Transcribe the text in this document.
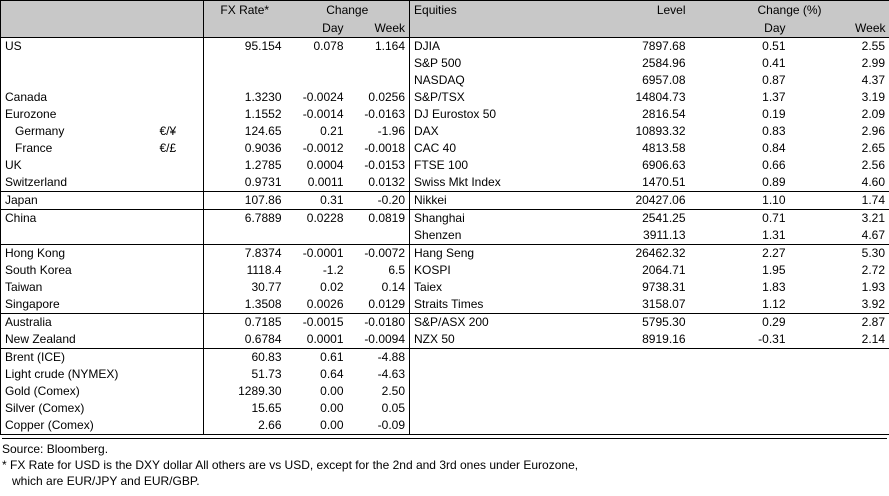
		FX Rate*	Change		Equities	Level	Change (%)	
			Day	Week			Day	Week
US		95.154	0.078	1.164	DJIA	7897.68	0.51	2.55
					S&P 500	2584.96	0.41	2.99
					NASDAQ	6957.08	0.87	4.37
Canada		1.3230	-0.0024	0.0256	S&P/TSX	14804.73	1.37	3.19
Eurozone		1.1552	-0.0014	-0.0163	DJ Eurostox 50	2816.54	0.19	2.09
Germany	€/¥	124.65	0.21	-1.96	DAX	10893.32	0.83	2.96
France	€/£	0.9036	-0.0012	-0.0018	CAC 40	4813.58	0.84	2.65
UK		1.2785	0.0004	-0.0153	FTSE 100	6906.63	0.66	2.56
Switzerland		0.9731	0.0011	0.0132	Swiss Mkt Index	1470.51	0.89	4.60
Japan		107.86	0.31	-0.20	Nikkei	20427.06	1.10	1.74
China		6.7889	0.0228	0.0819	Shanghai	2541.25	0.71	3.21
					Shenzen	3911.13	1.31	4.67
Hong Kong		7.8374	-0.0001	-0.0072	Hang Seng	26462.32	2.27	5.30
South Korea		1118.4	-1.2	6.5	KOSPI	2064.71	1.95	2.72
Taiwan		30.77	0.02	0.14	Taiex	9738.31	1.83	1.93
Singapore		1.3508	0.0026	0.0129	Straits Times	3158.07	1.12	3.92
Australia		0.7185	-0.0015	-0.0180	S&P/ASX 200	5795.30	0.29	2.87
New Zealand		0.6784	0.0001	-0.0094	NZX 50	8919.16	-0.31	2.14
Brent (ICE)		60.83	0.61	-4.88				
Light crude (NYMEX)		51.73	0.64	-4.63				
Gold (Comex)		1289.30	0.00	2.50				
Silver (Comex)		15.65	0.00	0.05				
Copper (Comex)		2.66	0.00	-0.09				
Source: Bloomberg.
* FX Rate for USD is the DXY dollar All others are vs USD, except for the 2nd and 3rd ones under Eurozone,
which are EUR/JPY and EUR/GBP.
